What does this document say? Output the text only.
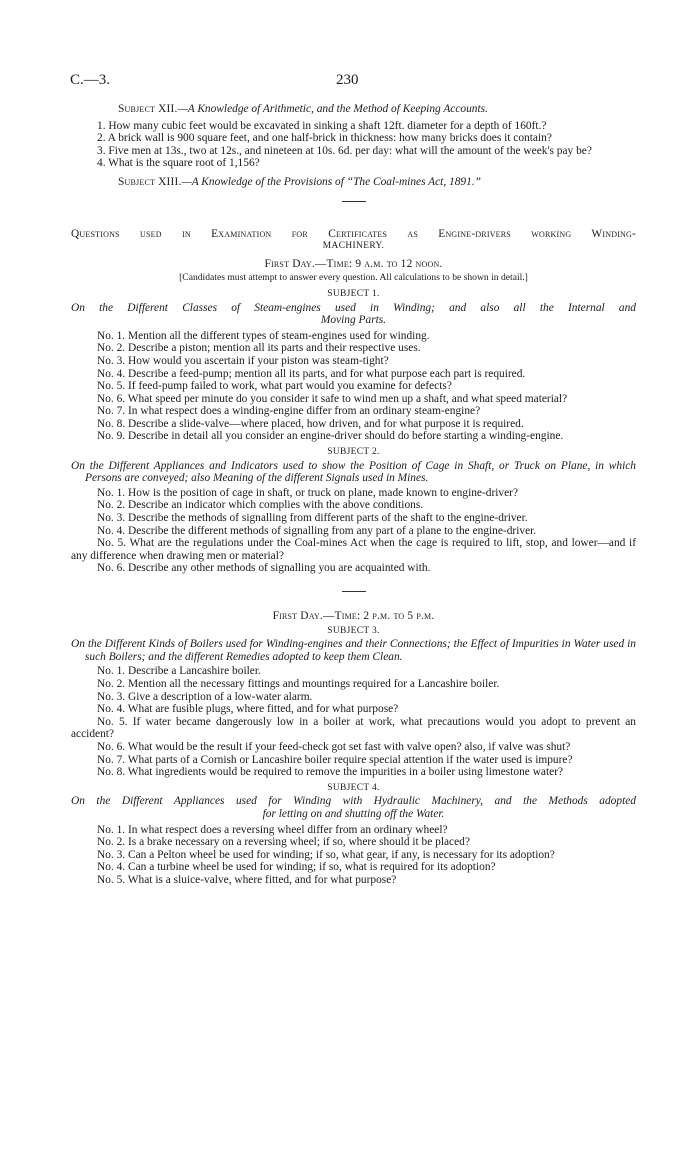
C.—3.	230
Subject XII.—A Knowledge of Arithmetic, and the Method of Keeping Accounts.

1. How many cubic feet would be excavated in sinking a shaft 12ft. diameter for a depth of 160ft.?

2. A brick wall is 900 square feet, and one half-brick in thickness: how many bricks does it contain?

3. Five men at 13s., two at 12s., and nineteen at 10s. 6d. per day: what will the amount of the week's pay be?

4. What is the square root of 1,156?

Subject XIII.—A Knowledge of the Provisions of “The Coal-mines Act, 1891.”
Questions used in Examination for Certificates as Engine-drivers working Winding-
MACHINERY.
First Day.—Time: 9 a.m. to 12 noon.
[Candidates must attempt to answer every question. All calculations to be shown in detail.]
SUBJECT 1.
On the Different Classes of Steam-engines used in Winding; and also all the Internal and
Moving Parts.

No. 1. Mention all the different types of steam-engines used for winding.

No. 2. Describe a piston; mention all its parts and their respective uses.

No. 3. How would you ascertain if your piston was steam-tight?

No. 4. Describe a feed-pump; mention all its parts, and for what purpose each part is required.

No. 5. If feed-pump failed to work, what part would you examine for defects?

No. 6. What speed per minute do you consider it safe to wind men up a shaft, and what speed material?

No. 7. In what respect does a winding-engine differ from an ordinary steam-engine?

No. 8. Describe a slide-valve—where placed, how driven, and for what purpose it is required.

No. 9. Describe in detail all you consider an engine-driver should do before starting a winding-engine.

SUBJECT 2.
On the Different Appliances and Indicators used to show the Position of Cage in Shaft, or Truck on Plane, in which Persons are conveyed; also Meaning of the different Signals used in Mines.

No. 1. How is the position of cage in shaft, or truck on plane, made known to engine-driver?

No. 2. Describe an indicator which complies with the above conditions.

No. 3. Describe the methods of signalling from different parts of the shaft to the engine-driver.

No. 4. Describe the different methods of signalling from any part of a plane to the engine-driver.

No. 5. What are the regulations under the Coal-mines Act when the cage is required to lift, stop, and lower—and if any difference when drawing men or material?

No. 6. Describe any other methods of signalling you are acquainted with.

First Day.—Time: 2 p.m. to 5 p.m.
SUBJECT 3.
On the Different Kinds of Boilers used for Winding-engines and their Connections; the Effect of Impurities in Water used in such Boilers; and the different Remedies adopted to keep them Clean.

No. 1. Describe a Lancashire boiler.

No. 2. Mention all the necessary fittings and mountings required for a Lancashire boiler.

No. 3. Give a description of a low-water alarm.

No. 4. What are fusible plugs, where fitted, and for what purpose?

No. 5. If water became dangerously low in a boiler at work, what precautions would you adopt to prevent an accident?

No. 6. What would be the result if your feed-check got set fast with valve open? also, if valve was shut?

No. 7. What parts of a Cornish or Lancashire boiler require special attention if the water used is impure?

No. 8. What ingredients would be required to remove the impurities in a boiler using limestone water?

SUBJECT 4.
On the Different Appliances used for Winding with Hydraulic Machinery, and the Methods adopted
for letting on and shutting off the Water.

No. 1. In what respect does a reversing wheel differ from an ordinary wheel?

No. 2. Is a brake necessary on a reversing wheel; if so, where should it be placed?

No. 3. Can a Pelton wheel be used for winding; if so, what gear, if any, is necessary for its adoption?

No. 4. Can a turbine wheel be used for winding; if so, what is required for its adoption?

No. 5. What is a sluice-valve, where fitted, and for what purpose?
